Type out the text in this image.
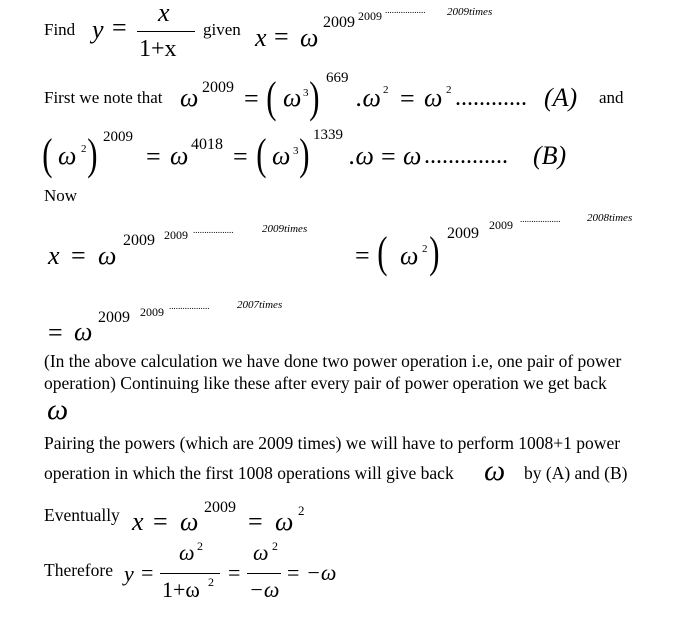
Find y =
x
1+x
given x = ω
2009 2009 .................. 2009times
First we note that ω 2009 = ( ω 3 ) 669
.ω 2 = ω 2 ............ (A) and
( ω 2 ) 2009
= ω 4018 = ( ω 3 ) 1339
.ω = ω .............. (B)
Now
x = ω
2009 2009 ..................	2009times
= ( ω 2 ) 2009 2009 .................. 2008times
= ω 2009 2009 ..................	2007times
(In the above calculation we have done two power operation i.e, one pair of power
operation) Continuing like these after every pair of power operation we get back
ω
Pairing the powers (which are 2009 times) we will have to perform 1008+1 power
operation in which the first 1008 operations will give back ω by (A) and (B)
Eventually x = ω 2009 = ω 2
Therefore y =
ω 2
1+ω 2 =
ω 2
−ω
= −ω
